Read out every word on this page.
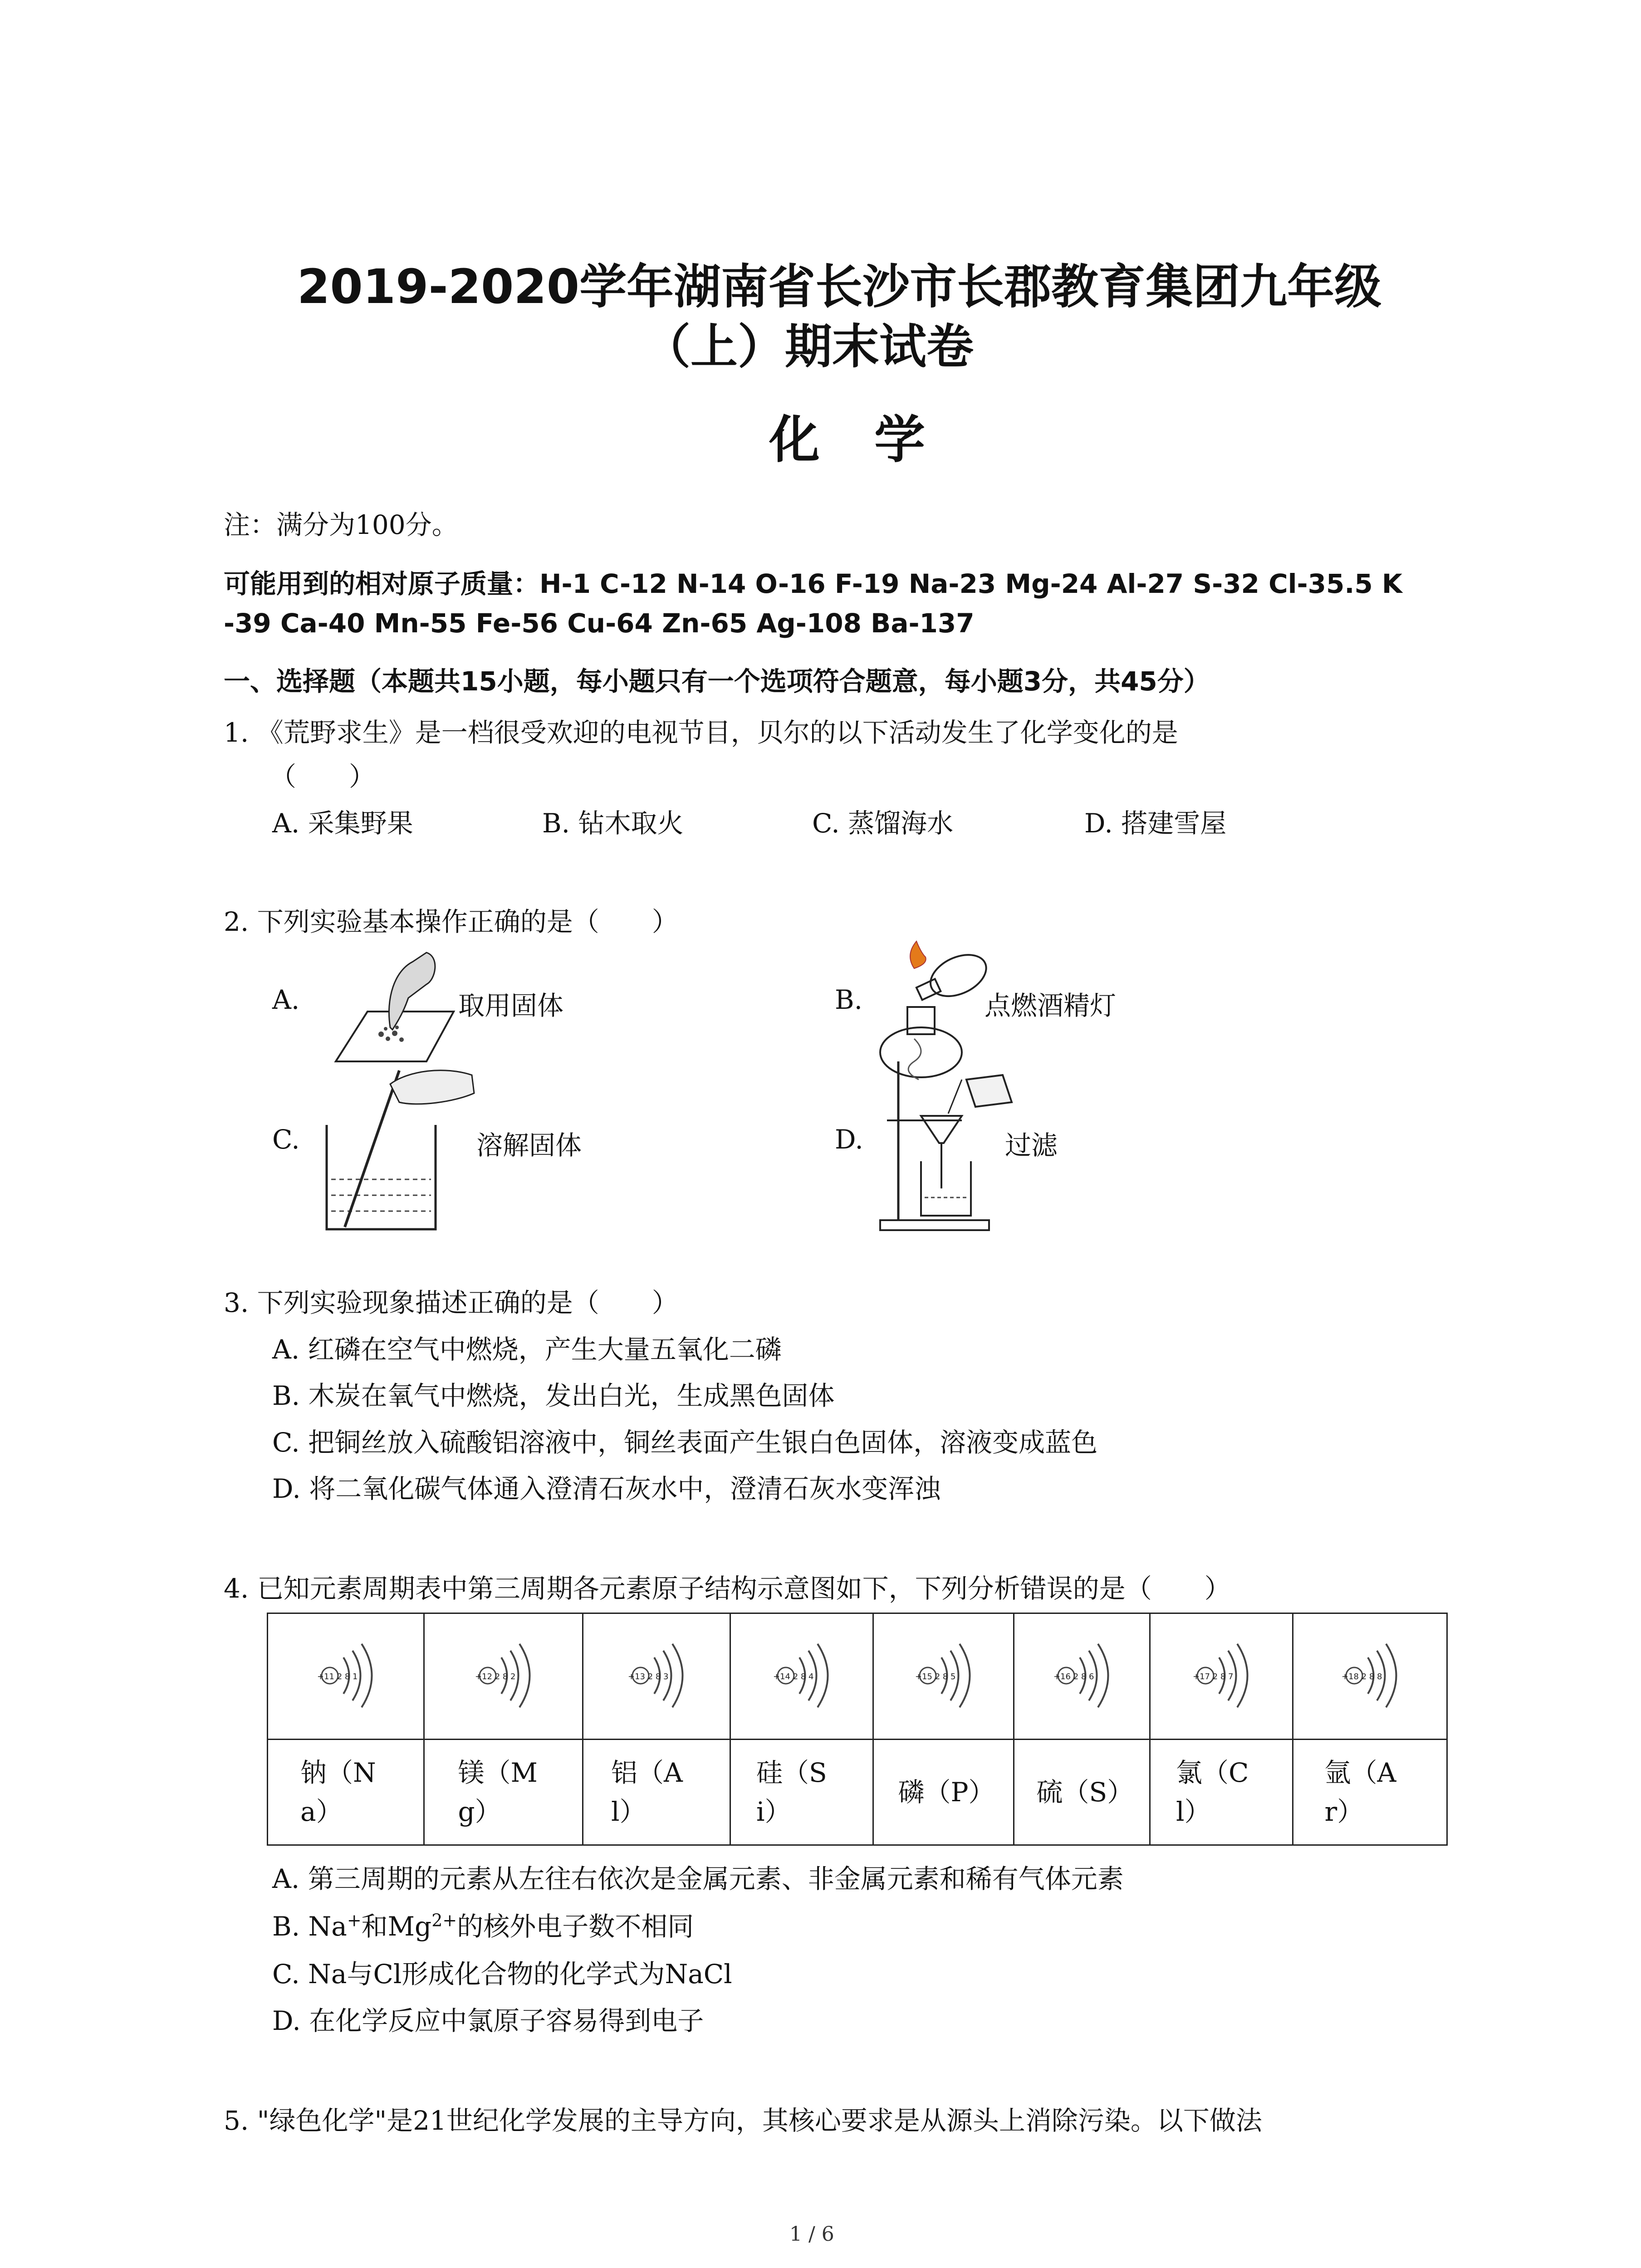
2019-2020学年湖南省长沙市长郡教育集团九年级
（上）期末试卷
化学
注：满分为100分。
可能用到的相对原子质量：H-1 C-12 N-14 O-16 F-19 Na-23 Mg-24 Al-27 S-32 Cl-35.5 K
-39 Ca-40 Mn-55 Fe-56 Cu-64 Zn-65 Ag-108 Ba-137
一、选择题（本题共15小题，每小题只有一个选项符合题意，每小题3分，共45分）
1. 《荒野求生》是一档很受欢迎的电视节目，贝尔的以下活动发生了化学变化的是
（　　）
A. 采集野果	B. 钻木取火	C. 蒸馏海水	D. 搭建雪屋
2. 下列实验基本操作正确的是（　　）
A.	取用固体	B.	点燃酒精灯
C.	溶解固体	D.	过滤
3. 下列实验现象描述正确的是（　　）
A. 红磷在空气中燃烧，产生大量五氧化二磷
B. 木炭在氧气中燃烧，发出白光，生成黑色固体
C. 把铜丝放入硫酸铝溶液中，铜丝表面产生银白色固体，溶液变成蓝色
D. 将二氧化碳气体通入澄清石灰水中，澄清石灰水变浑浊
4. 已知元素周期表中第三周期各元素原子结构示意图如下，下列分析错误的是（　　）
+11 2 8 1	+12 2 8 2	+13 2 8 3	+14 2 8 4	+15 2 8 5	+16 2 8 6	+17 2 8 7	+18 2 8 8

钠（Na）	镁（Mg）	铝（Al）	硅（Si）	磷（P）	硫（S）	氯（Cl）	氩（Ar）
A. 第三周期的元素从左往右依次是金属元素、非金属元素和稀有气体元素
B. Na+和$Mg^{2+}$的核外电子数不相同
C. Na与Cl形成化合物的化学式为NaCl
D. 在化学反应中氯原子容易得到电子
5. "绿色化学"是21世纪化学发展的主导方向，其核心要求是从源头上消除污染。以下做法
1 / 6
